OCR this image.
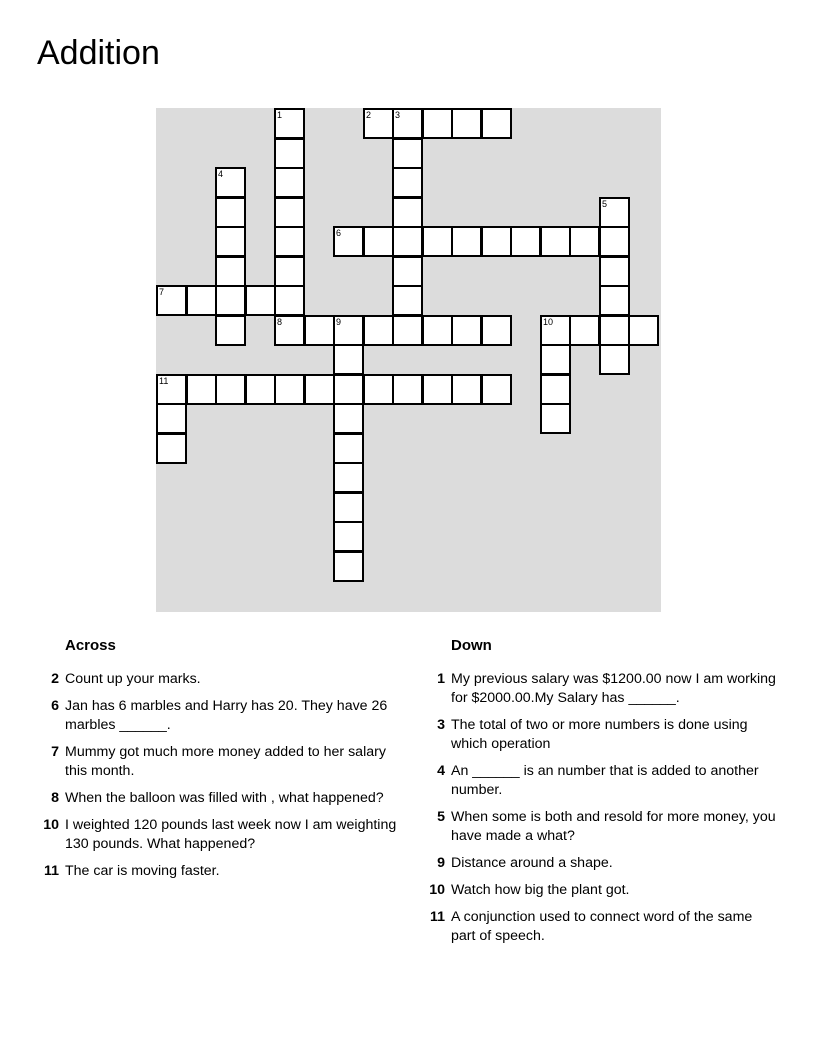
Addition
1	2	3
4
5
6
7
8	9	10
11
Across
2 Count up your marks.
6 Jan has 6 marbles and Harry has 20. They have 26 marbles ______.
7 Mummy got much more money added to her salary this month.
8 When the balloon was filled with , what happened?
10 I weighted 120 pounds last week now I am weighting 130 pounds. What happened?
11 The car is moving faster.
Down
1 My previous salary was $1200.00 now I am working for $2000.00.My Salary has ______.
3 The total of two or more numbers is done using which operation
4 An ______ is an number that is added to another number.
5 When some is both and resold for more money, you have made a what?
9 Distance around a shape.
10 Watch how big the plant got.
11 A conjunction used to connect word of the same part of speech.
